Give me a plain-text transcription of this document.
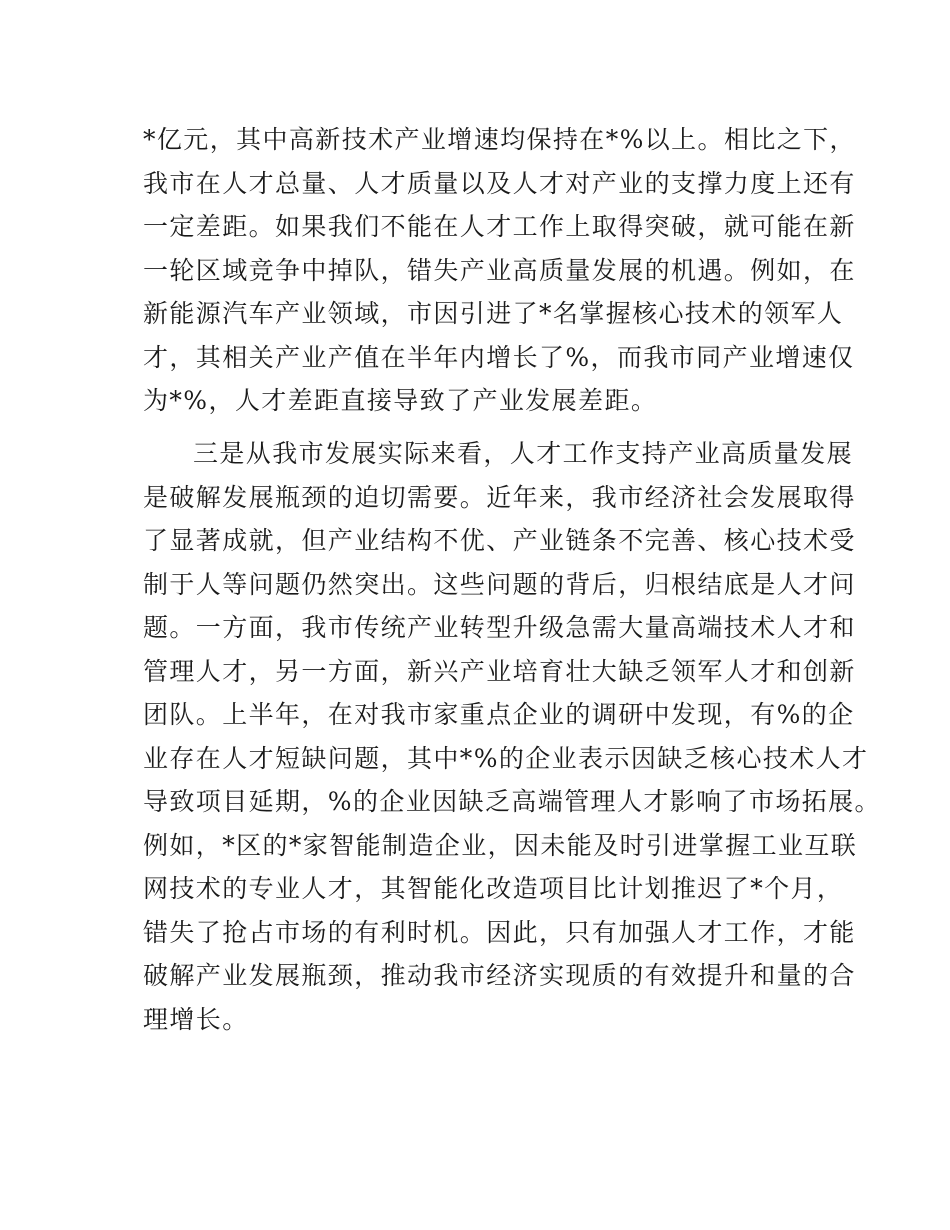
*亿元，其中高新技术产业增速均保持在*%以上。相比之下，
我市在人才总量、人才质量以及人才对产业的支撑力度上还有
一定差距。如果我们不能在人才工作上取得突破，就可能在新
一轮区域竞争中掉队，错失产业高质量发展的机遇。例如，在
新能源汽车产业领域，市因引进了*名掌握核心技术的领军人
才，其相关产业产值在半年内增长了%，而我市同产业增速仅
为*%，人才差距直接导致了产业发展差距。
三是从我市发展实际来看，人才工作支持产业高质量发展
是破解发展瓶颈的迫切需要。近年来，我市经济社会发展取得
了显著成就，但产业结构不优、产业链条不完善、核心技术受
制于人等问题仍然突出。这些问题的背后，归根结底是人才问
题。一方面，我市传统产业转型升级急需大量高端技术人才和
管理人才，另一方面，新兴产业培育壮大缺乏领军人才和创新
团队。上半年，在对我市家重点企业的调研中发现，有%的企
业存在人才短缺问题，其中*%的企业表示因缺乏核心技术人才
导致项目延期，%的企业因缺乏高端管理人才影响了市场拓展。
例如，*区的*家智能制造企业，因未能及时引进掌握工业互联
网技术的专业人才，其智能化改造项目比计划推迟了*个月，
错失了抢占市场的有利时机。因此，只有加强人才工作，才能
破解产业发展瓶颈，推动我市经济实现质的有效提升和量的合
理增长。
